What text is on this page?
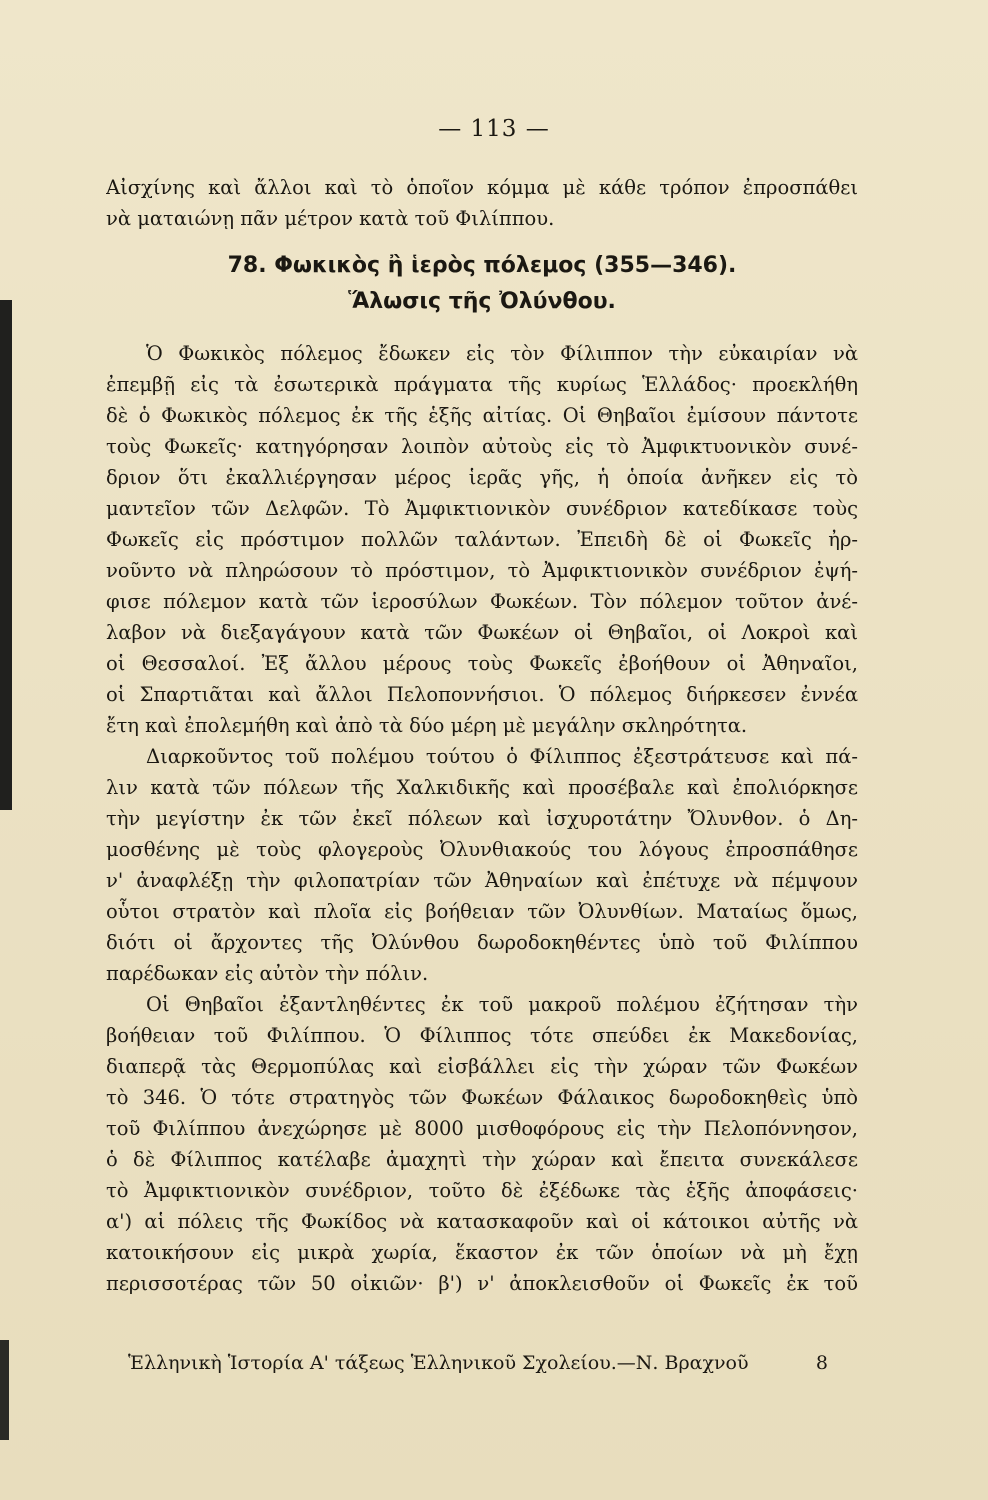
— 113 —
Αἰσχίνης καὶ ἄλλοι καὶ τὸ ὁποῖον κόμμα μὲ κάθε τρόπον ἐπροσπάθει
νὰ ματαιώνῃ πᾶν μέτρον κατὰ τοῦ Φιλίππου.
78. Φωκικὸς ἢ ἱερὸς πόλεμος (355—346).
Ἅλωσις τῆς Ὀλύνθου.
Ὁ Φωκικὸς πόλεμος ἔδωκεν εἰς τὸν Φίλιππον τὴν εὐκαιρίαν νὰ
ἐπεμβῇ εἰς τὰ ἐσωτερικὰ πράγματα τῆς κυρίως Ἑλλάδος· προεκλήθη
δὲ ὁ Φωκικὸς πόλεμος ἐκ τῆς ἑξῆς αἰτίας. Οἱ Θηβαῖοι ἐμίσουν πάντοτε
τοὺς Φωκεῖς· κατηγόρησαν λοιπὸν αὐτοὺς εἰς τὸ Ἀμφικτυονικὸν συνέ-
δριον ὅτι ἐκαλλιέργησαν μέρος ἱερᾶς γῆς, ἡ ὁποία ἀνῆκεν εἰς τὸ
μαντεῖον τῶν Δελφῶν. Τὸ Ἀμφικτιονικὸν συνέδριον κατεδίκασε τοὺς
Φωκεῖς εἰς πρόστιμον πολλῶν ταλάντων. Ἐπειδὴ δὲ οἱ Φωκεῖς ἠρ-
νοῦντο νὰ πληρώσουν τὸ πρόστιμον, τὸ Ἀμφικτιονικὸν συνέδριον ἐψή-
φισε πόλεμον κατὰ τῶν ἱεροσύλων Φωκέων. Τὸν πόλεμον τοῦτον ἀνέ-
λαβον νὰ διεξαγάγουν κατὰ τῶν Φωκέων οἱ Θηβαῖοι, οἱ Λοκροὶ καὶ
οἱ Θεσσαλοί. Ἐξ ἄλλου μέρους τοὺς Φωκεῖς ἐβοήθουν οἱ Ἀθηναῖοι,
οἱ Σπαρτιᾶται καὶ ἄλλοι Πελοποννήσιοι. Ὁ πόλεμος διήρκεσεν ἐννέα
ἔτη καὶ ἐπολεμήθη καὶ ἀπὸ τὰ δύο μέρη μὲ μεγάλην σκληρότητα.
Διαρκοῦντος τοῦ πολέμου τούτου ὁ Φίλιππος ἐξεστράτευσε καὶ πά-
λιν κατὰ τῶν πόλεων τῆς Χαλκιδικῆς καὶ προσέβαλε καὶ ἐπολιόρκησε
τὴν μεγίστην ἐκ τῶν ἐκεῖ πόλεων καὶ ἰσχυροτάτην Ὄλυνθον. ὁ Δη-
μοσθένης μὲ τοὺς φλογεροὺς Ὀλυνθιακούς του λόγους ἐπροσπάθησε
ν' ἀναφλέξῃ τὴν φιλοπατρίαν τῶν Ἀθηναίων καὶ ἐπέτυχε νὰ πέμψουν
οὗτοι στρατὸν καὶ πλοῖα εἰς βοήθειαν τῶν Ὀλυνθίων. Ματαίως ὅμως,
διότι οἱ ἄρχοντες τῆς Ὀλύνθου δωροδοκηθέντες ὑπὸ τοῦ Φιλίππου
παρέδωκαν εἰς αὐτὸν τὴν πόλιν.
Οἱ Θηβαῖοι ἐξαντληθέντες ἐκ τοῦ μακροῦ πολέμου ἐζήτησαν τὴν
βοήθειαν τοῦ Φιλίππου. Ὁ Φίλιππος τότε σπεύδει ἐκ Μακεδονίας,
διαπερᾷ τὰς Θερμοπύλας καὶ εἰσβάλλει εἰς τὴν χώραν τῶν Φωκέων
τὸ 346. Ὁ τότε στρατηγὸς τῶν Φωκέων Φάλαικος δωροδοκηθεὶς ὑπὸ
τοῦ Φιλίππου ἀνεχώρησε μὲ 8000 μισθοφόρους εἰς τὴν Πελοπόννησον,
ὁ δὲ Φίλιππος κατέλαβε ἀμαχητὶ τὴν χώραν καὶ ἔπειτα συνεκάλεσε
τὸ Ἀμφικτιονικὸν συνέδριον, τοῦτο δὲ ἐξέδωκε τὰς ἑξῆς ἀποφάσεις·
α') αἱ πόλεις τῆς Φωκίδος νὰ κατασκαφοῦν καὶ οἱ κάτοικοι αὐτῆς νὰ
κατοικήσουν εἰς μικρὰ χωρία, ἕκαστον ἐκ τῶν ὁποίων νὰ μὴ ἔχῃ
περισσοτέρας τῶν 50 οἰκιῶν· β') ν' ἀποκλεισθοῦν οἱ Φωκεῖς ἐκ τοῦ
Ἑλληνικὴ Ἱστορία Α' τάξεως Ἑλληνικοῦ Σχολείου.—Ν. Βραχνοῦ	8
